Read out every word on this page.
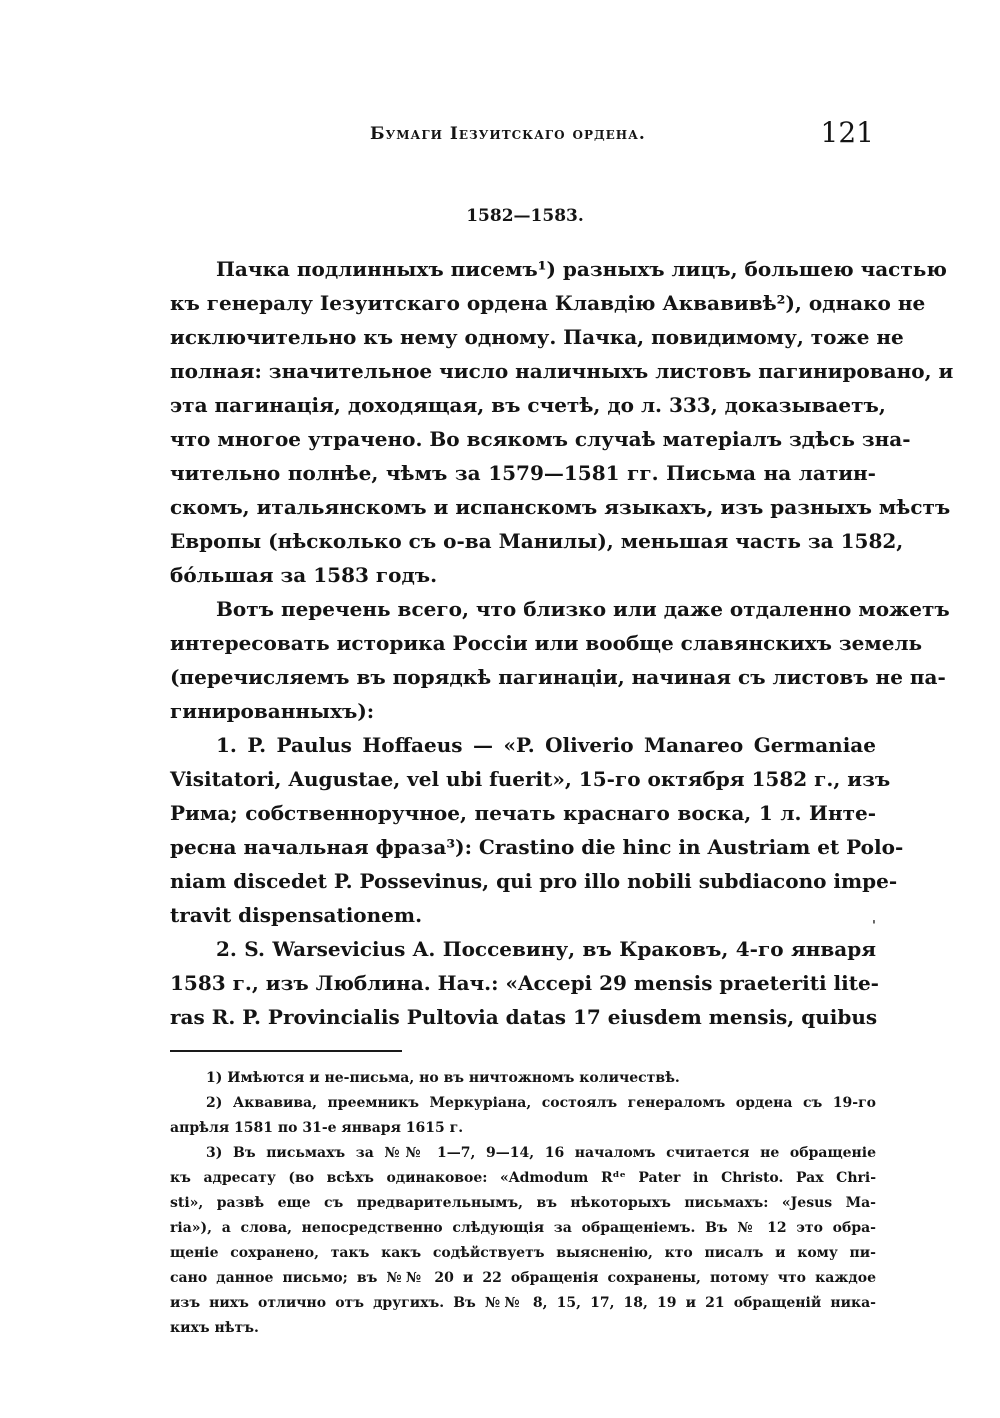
Бумаги Iезуитскаго ордена.	121
1582—1583.
Пачка подлинныхъ писемъ¹) разныхъ лицъ, большею частью
къ генералу Iезуитскаго ордена Клавдiю Аквавивѣ²), однако не
исключительно къ нему одному. Пачка, повидимому, тоже не
полная: значительное число наличныхъ листовъ пагинировано, и
эта пагинацiя, доходящая, въ счетѣ, до л. 333, доказываетъ,
что многое утрачено. Во всякомъ случаѣ матерiалъ здѣсь зна-
чительно полнѣе, чѣмъ за 1579—1581 гг. Письма на латин-
скомъ, итальянскомъ и испанскомъ языкахъ, изъ разныхъ мѣстъ
Европы (нѣсколько съ о-ва Манилы), меньшая часть за 1582,
бóльшая за 1583 годъ.
Вотъ перечень всего, что близко или даже отдаленно можетъ
интересовать историка Россiи или вообще славянскихъ земель
(перечисляемъ въ порядкѣ пагинацiи, начиная съ листовъ не па-
гинированныхъ):
1. P. Paulus Hoffaeus — «P. Oliverio Manareo Germaniae
Visitatori, Augustae, vel ubi fuerit», 15-го октября 1582 г., изъ
Рима; собственноручное, печать краснаго воска, 1 л. Инте-
ресна начальная фраза³): Crastino die hinc in Austriam et Polo-
niam discedet P. Possevinus, qui pro illo nobili subdiacono impe-
travit dispensationem.
2. S. Warsevicius A. Поссевину, въ Краковъ, 4-го января
1583 г., изъ Люблина. Нач.: «Accepi 29 mensis praeteriti lite-
ras R. P. Provincialis Pultovia datas 17 eiusdem mensis, quibus
ˌ
1) Имѣются и не-письма, но въ ничтожномъ количествѣ.
2) Аквавива, преемникъ Меркурiана, состоялъ генераломъ ордена съ 19-го
апрѣля 1581 по 31-е января 1615 г.
3) Въ письмахъ за №№ 1—7, 9—14, 16 началомъ считается не обращенiе
къ адресату (во всѣхъ одинаковое: «Admodum Rᵈᵉ Pater in Christo. Pax Chri-
sti», развѣ еще съ предварительнымъ, въ нѣкоторыхъ письмахъ: «Jesus Ma-
ria»), а слова, непосредственно слѣдующiя за обращенiемъ. Въ № 12 это обра-
щенiе сохранено, такъ какъ содѣйствуетъ выясненiю, кто писалъ и кому пи-
сано данное письмо; въ №№ 20 и 22 обращенiя сохранены, потому что каждое
изъ нихъ отлично отъ другихъ. Въ №№ 8, 15, 17, 18, 19 и 21 обращенiй ника-
кихъ нѣтъ.
